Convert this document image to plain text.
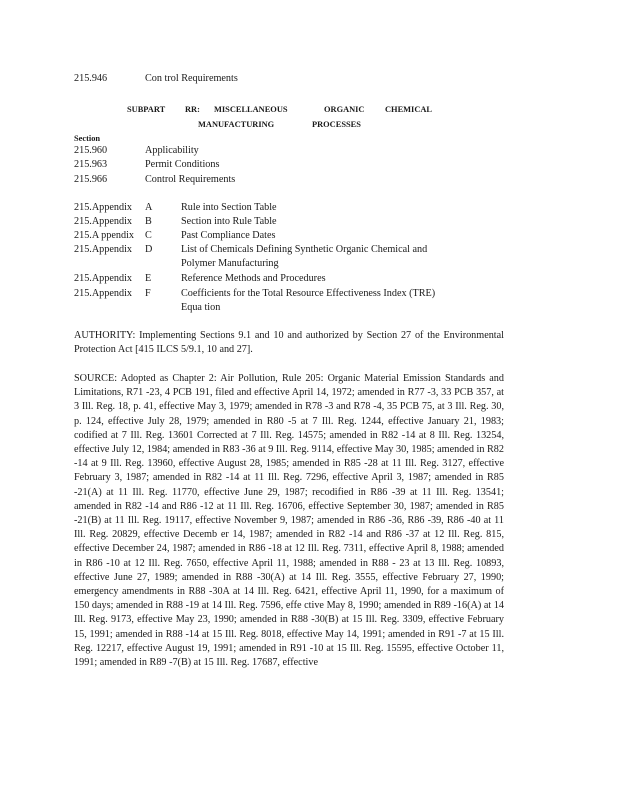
215.946	Con trol Requirements
SUBPART RR: MISCELLANEOUS	ORGANIC CHEMICAL
MANUFACTURING	PROCESSES
Section
215.960	Applicability
215.963	Permit Conditions
215.966	Control Requirements
215.Appendix A	Rule into Section Table
215.Appendix B	Section into Rule Table
215.A ppendix C	Past Compliance Dates
215.Appendix D	List of Chemicals Defining Synthetic Organic Chemical and
Polymer Manufacturing
215.Appendix E	Reference Methods and Procedures
215.Appendix F	Coefficients for the Total Resource Effectiveness Index (TRE)
Equa tion
AUTHORITY: Implementing Sections 9.1 and 10 and authorized by Section 27 of the Environmental Protection Act [415 ILCS 5/9.1, 10 and 27].
SOURCE: Adopted as Chapter 2: Air Pollution, Rule 205: Organic Material Emission Standards and Limitations, R71 -23, 4 PCB 191, filed and effective April 14, 1972; amended in R77 -3, 33 PCB 357, at 3 Ill. Reg. 18, p. 41, effective May 3, 1979; amended in R78 -3 and R78 -4, 35 PCB 75, at 3 Ill. Reg. 30, p. 124, effective July 28, 1979; amended in R80 -5 at 7 Ill. Reg. 1244, effective January 21, 1983; codified at 7 Ill. Reg. 13601 Corrected at 7 Ill. Reg. 14575; amended in R82 -14 at 8 Ill. Reg. 13254, effective July 12, 1984; amended in R83 -36 at 9 Ill. Reg. 9114, effective May 30, 1985; amended in R82 -14 at 9 Ill. Reg. 13960, effective August 28, 1985; amended in R85 -28 at 11 Ill. Reg. 3127, effective February 3, 1987; amended in R82 -14 at 11 Ill. Reg. 7296, effective April 3, 1987; amended in R85 -21(A) at 11 Ill. Reg. 11770, effective June 29, 1987; recodified in R86 -39 at 11 Ill. Reg. 13541; amended in R82 -14 and R86 -12 at 11 Ill. Reg. 16706, effective September 30, 1987; amended in R85 -21(B) at 11 Ill. Reg. 19117, effective November 9, 1987; amended in R86 -36, R86 -39, R86 -40 at 11 Ill. Reg. 20829, effective Decemb er 14, 1987; amended in R82 -14 and R86 -37 at 12 Ill. Reg. 815, effective December 24, 1987; amended in R86 -18 at 12 Ill. Reg. 7311, effective April 8, 1988; amended in R86 -10 at 12 Ill. Reg. 7650, effective April 11, 1988; amended in R88 - 23 at 13 Ill. Reg. 10893, effective June 27, 1989; amended in R88 -30(A) at 14 Ill. Reg. 3555, effective February 27, 1990; emergency amendments in R88 -30A at 14 Ill. Reg. 6421, effective April 11, 1990, for a maximum of 150 days; amended in R88 -19 at 14 Ill. Reg. 7596, effe ctive May 8, 1990; amended in R89 -16(A) at 14 Ill. Reg. 9173, effective May 23, 1990; amended in R88 -30(B) at 15 Ill. Reg. 3309, effective February 15, 1991; amended in R88 -14 at 15 Ill. Reg. 8018, effective May 14, 1991; amended in R91 -7 at 15 Ill. Reg. 12217, effective August 19, 1991; amended in R91 -10 at 15 Ill. Reg. 15595, effective October 11, 1991; amended in R89 -7(B) at 15 Ill. Reg. 17687, effective
